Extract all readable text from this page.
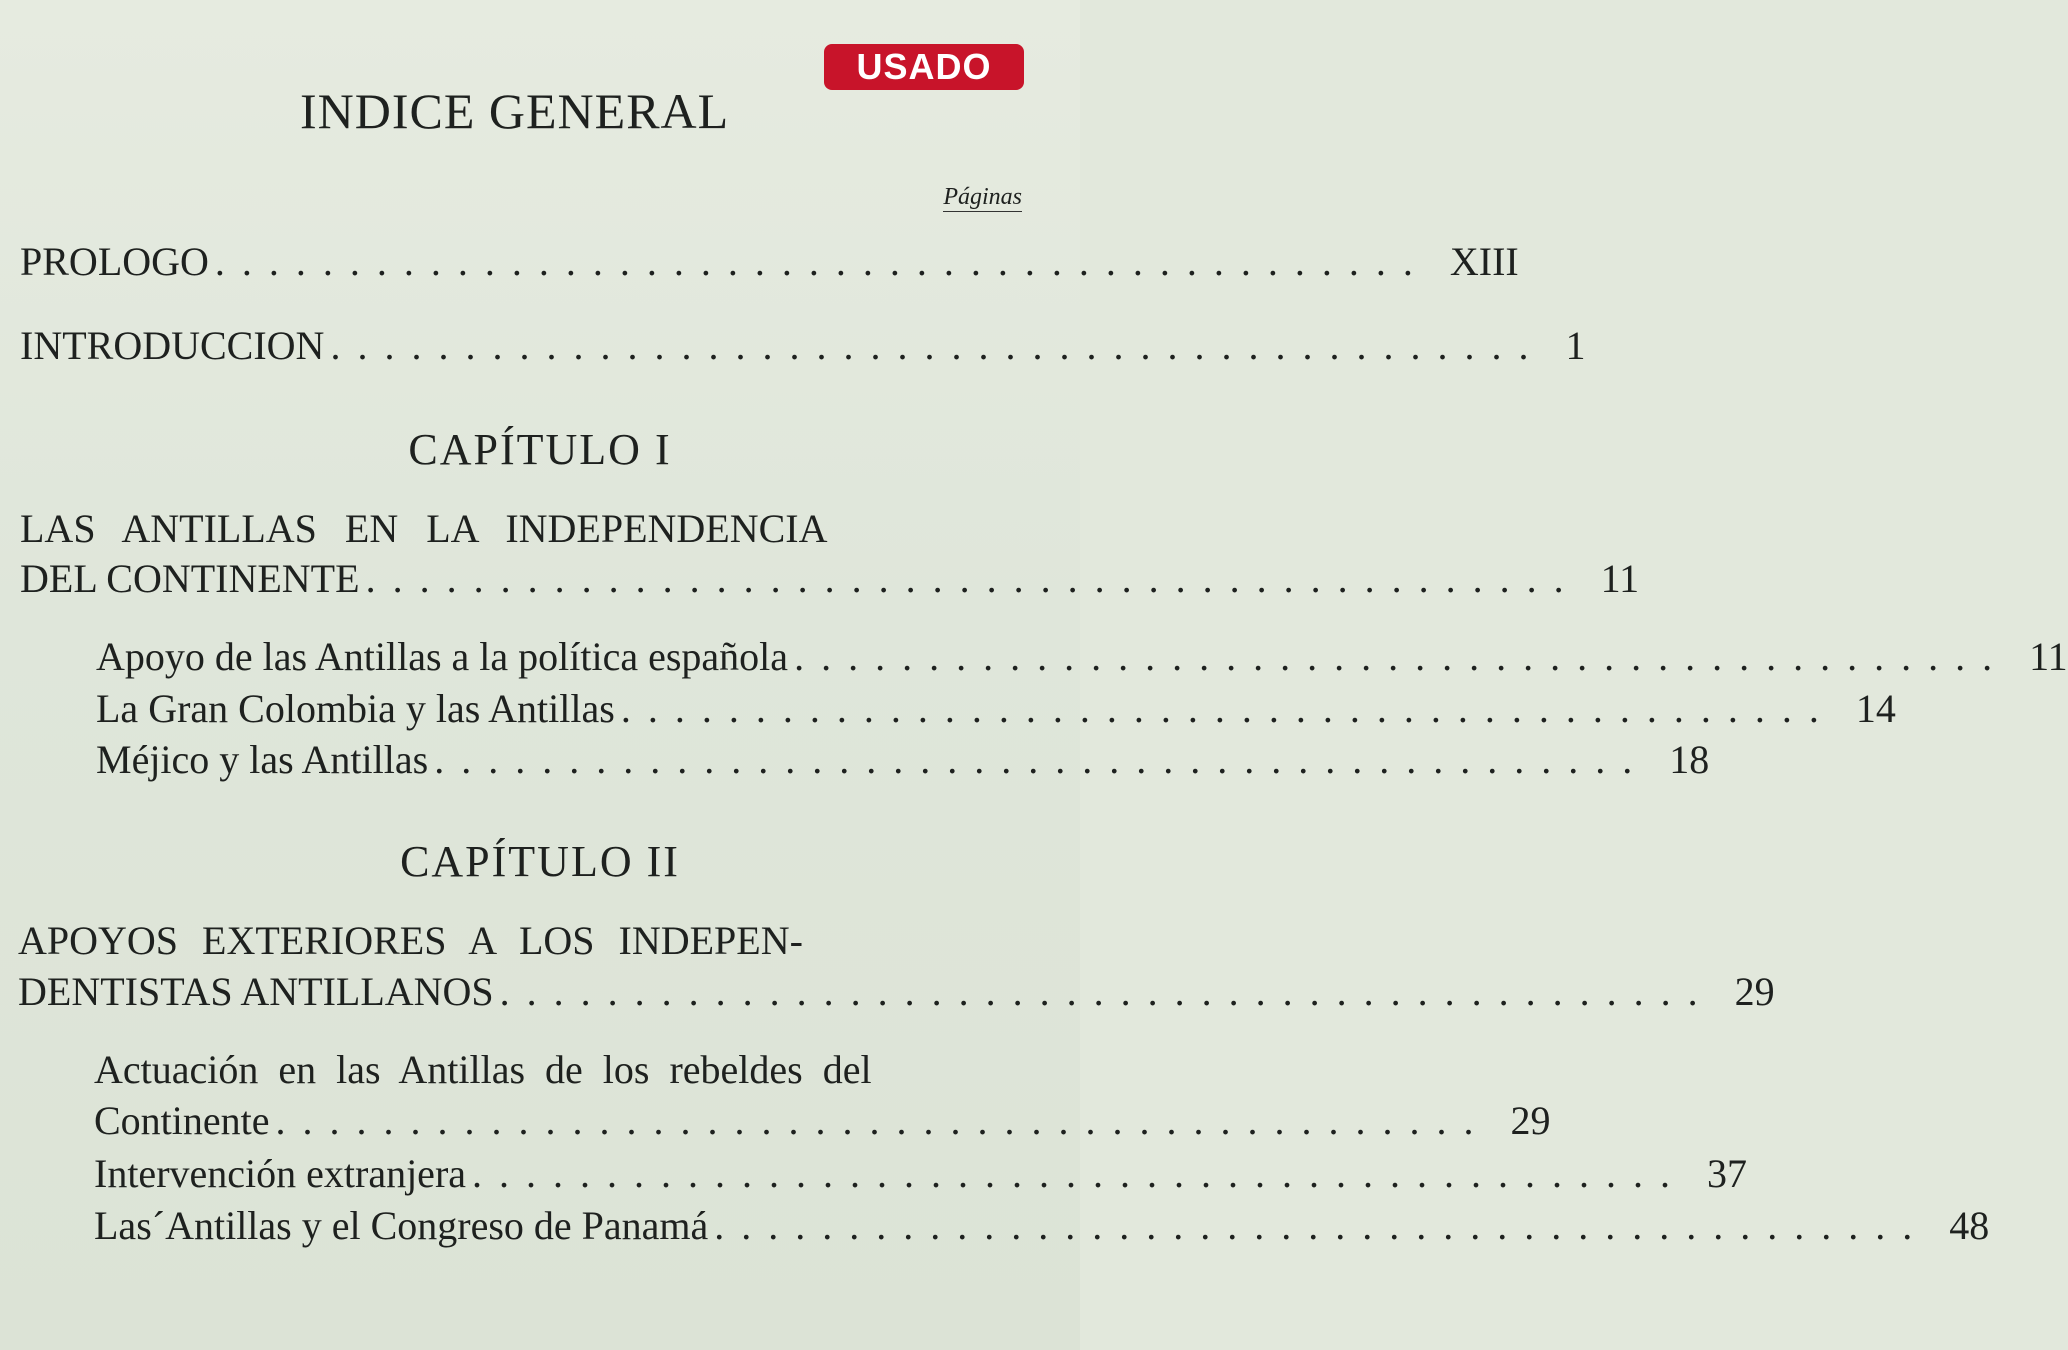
USADO
INDICE GENERAL
Páginas
PROLOGO ............................................. XIII
INTRODUCCION ............................................. 1
CAPÍTULO I
LAS ANTILLAS EN LA INDEPENDENCIA
DEL CONTINENTE ............................................. 11
Apoyo de las Antillas a la política española ............................................. 11
La Gran Colombia y las Antillas ............................................. 14
Méjico y las Antillas ............................................. 18
CAPÍTULO II
APOYOS EXTERIORES A LOS INDEPEN-
DENTISTAS ANTILLANOS ............................................. 29
Actuación en las Antillas de los rebeldes del
Continente ............................................. 29
Intervención extranjera ............................................. 37
Las´Antillas y el Congreso de Panamá ............................................. 48
